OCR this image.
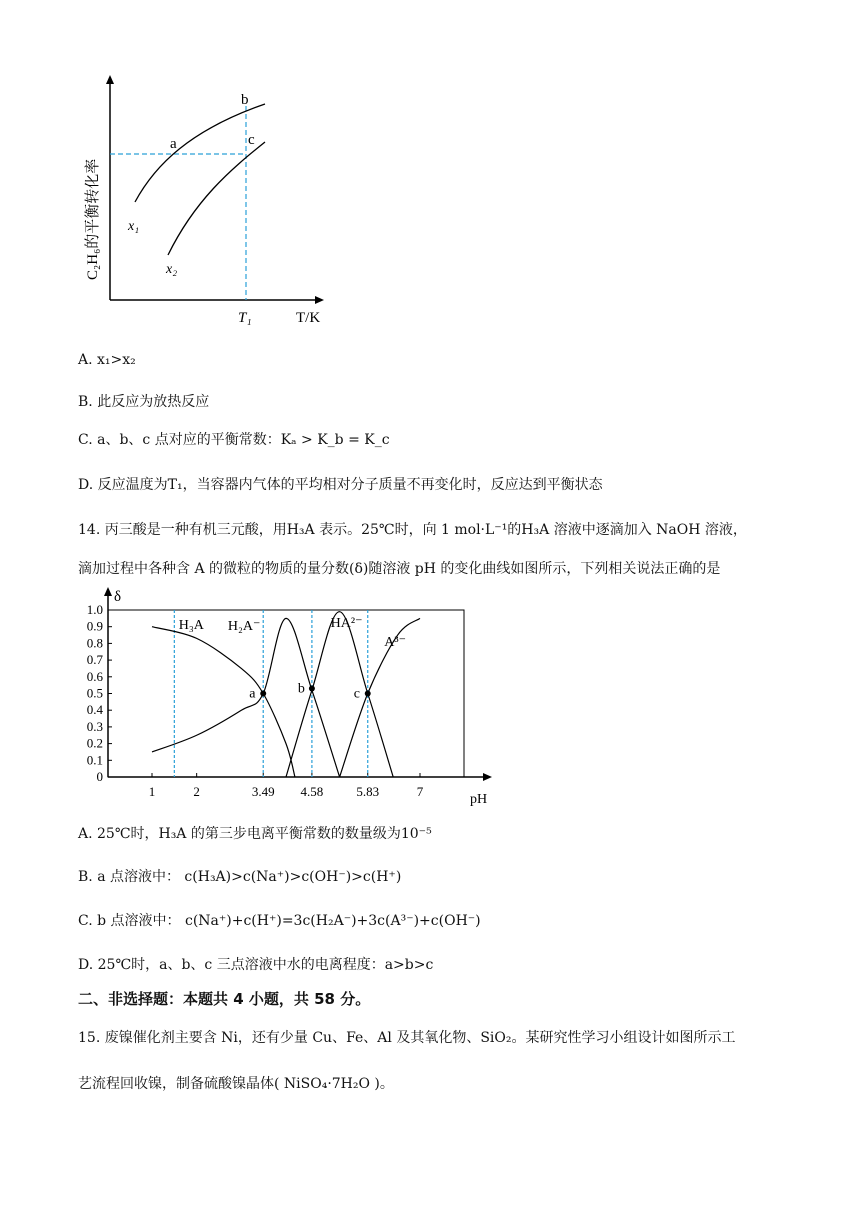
a
b
c
x₁
x₂
T₁	T/K
C₂H₆的平衡转化率
A. x₁>x₂
B. 此反应为放热反应
C. a、b、c 点对应的平衡常数：Kₐ > K_b = K_c
D. 反应温度为T₁，当容器内气体的平均相对分子质量不再变化时，反应达到平衡状态
14. 丙三酸是一种有机三元酸，用H₃A 表示。25℃时，向 1 mol·L⁻¹的H₃A 溶液中逐滴加入 NaOH 溶液，
滴加过程中各种含 A 的微粒的物质的量分数(δ)随溶液 pH 的变化曲线如图所示，下列相关说法正确的是
0
0.1
0.2
0.3
0.4
0.5
0.6
0.7
0.8
0.9
1.0
1	2	3.49 4.58	5.83	7
H₃A H₂A⁻	HA²⁻
A³⁻
a	b	c
δ
pH
A. 25℃时，H₃A 的第三步电离平衡常数的数量级为10⁻⁵
B. a 点溶液中： c(H₃A)>c(Na⁺)>c(OH⁻)>c(H⁺)
C. b 点溶液中： c(Na⁺)+c(H⁺)=3c(H₂A⁻)+3c(A³⁻)+c(OH⁻)
D. 25℃时，a、b、c 三点溶液中水的电离程度：a>b>c
二、非选择题：本题共 4 小题，共 58 分。
15. 废镍催化剂主要含 Ni，还有少量 Cu、Fe、Al 及其氧化物、SiO₂。某研究性学习小组设计如图所示工
艺流程回收镍，制备硫酸镍晶体( NiSO₄·7H₂O )。
